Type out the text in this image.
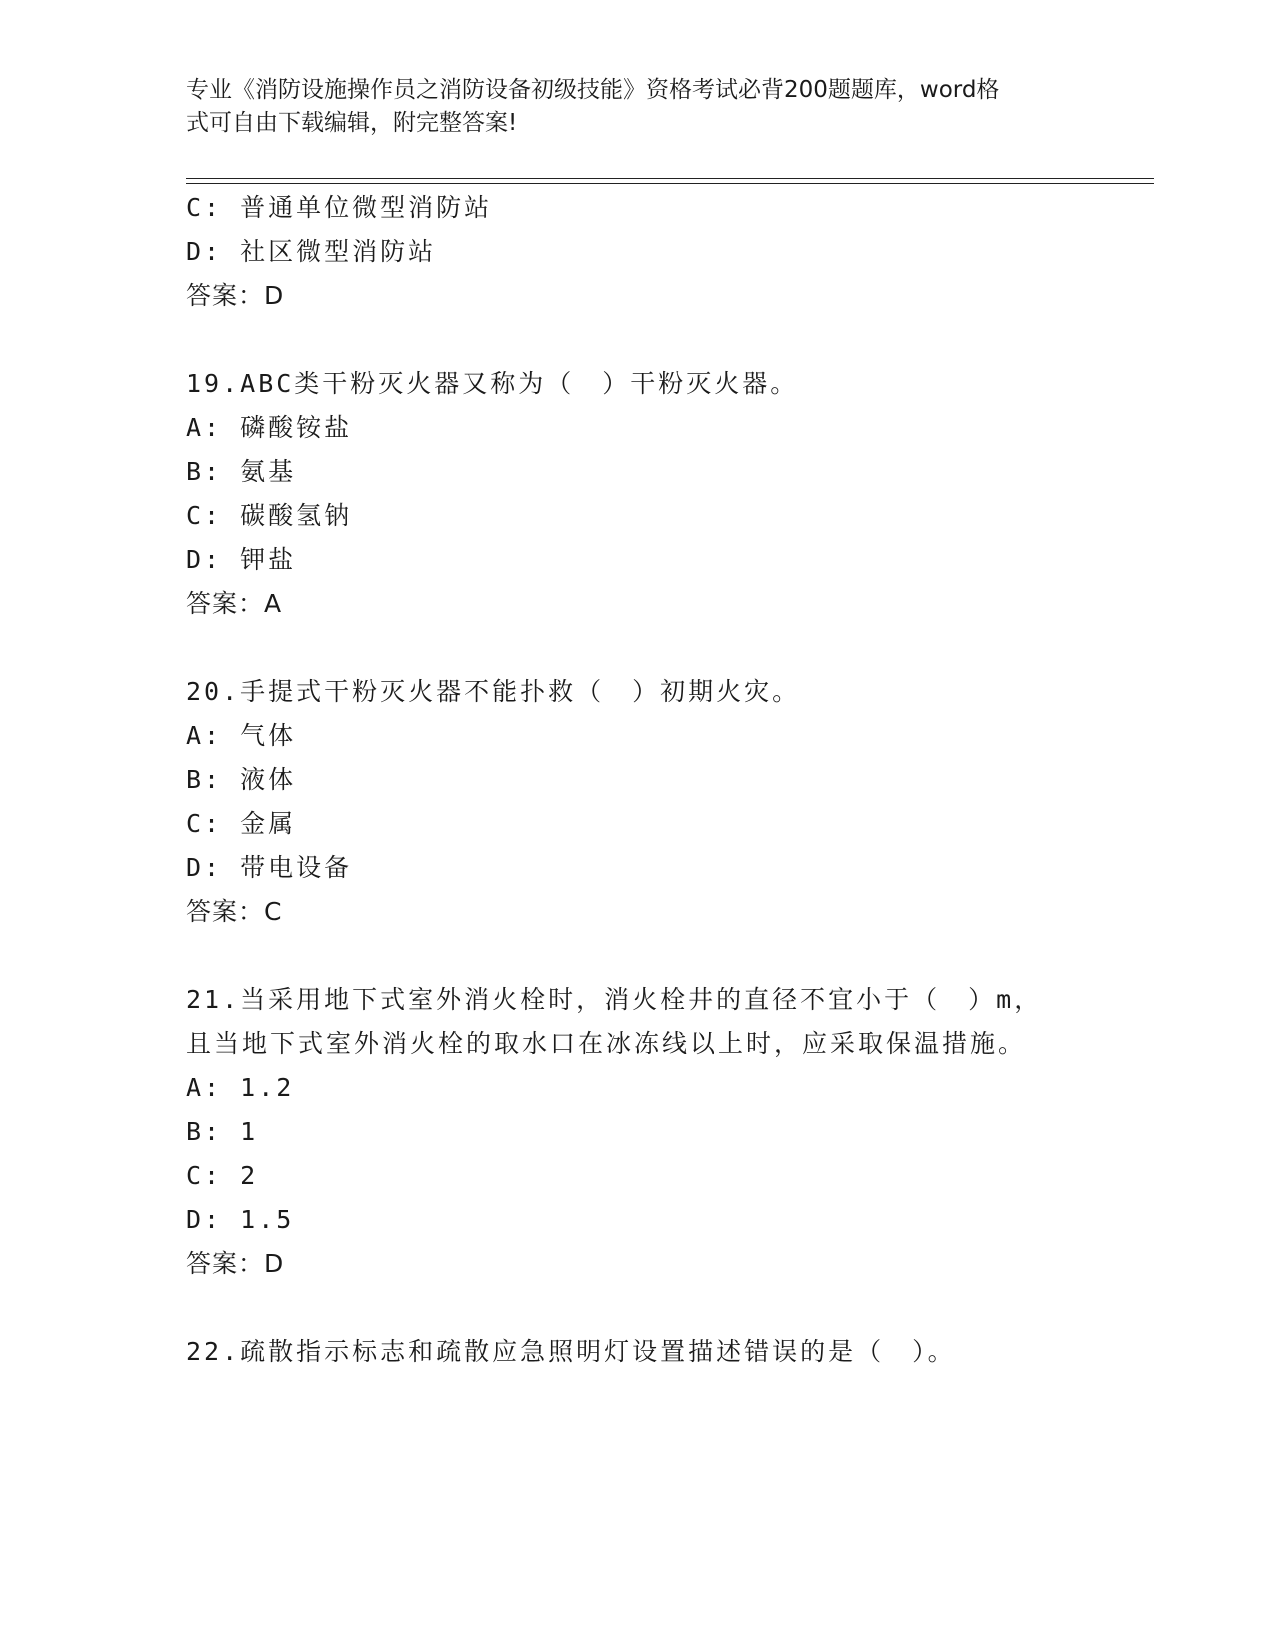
专业《消防设施操作员之消防设备初级技能》资格考试必背200题题库，word格
式可自由下载编辑，附完整答案!
C: 普通单位微型消防站
D: 社区微型消防站
答案：D
19.ABC类干粉灭火器又称为（　）干粉灭火器。
A: 磷酸铵盐
B: 氨基
C: 碳酸氢钠
D: 钾盐
答案：A
20.手提式干粉灭火器不能扑救（　）初期火灾。
A: 气体
B: 液体
C: 金属
D: 带电设备
答案：C
21.当采用地下式室外消火栓时，消火栓井的直径不宜小于（　）m，
且当地下式室外消火栓的取水口在冰冻线以上时，应采取保温措施。
A: 1.2
B: 1
C: 2
D: 1.5
答案：D
22.疏散指示标志和疏散应急照明灯设置描述错误的是（　）。
